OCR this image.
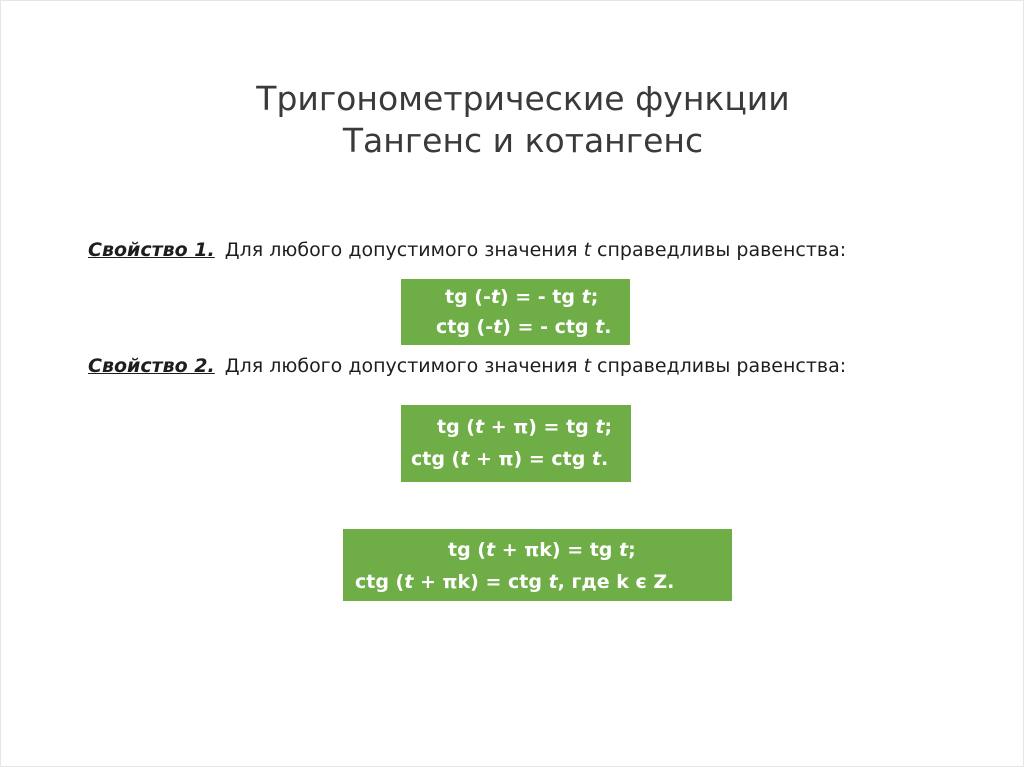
Тригонометрические функции
Тангенс и котангенс
Свойство 1. Для любого допустимого значения t справедливы равенства:
tg (-t) = - tg t;
ctg (-t) = - ctg t.
Свойство 2. Для любого допустимого значения t справедливы равенства:
tg (t + π) = tg t;
ctg (t + π) = ctg t.
tg (t + πk) = tg t;
ctg (t + πk) = ctg t, где k є Z.
